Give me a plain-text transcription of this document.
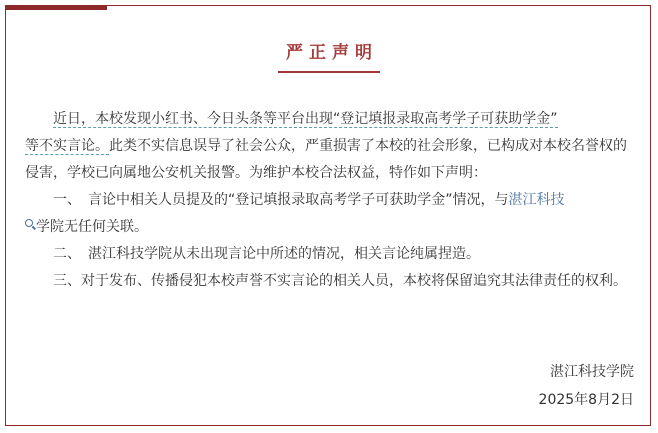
严正声明

近日，本校发现小红书、今日头条等平台出现“登记填报录取高考学子可获助学金”
等不实言论。此类不实信息误导了社会公众，严重损害了本校的社会形象，已构成对本校名誉权的侵害，学校已向属地公安机关报警。为维护本校合法权益，特作如下声明：

一、　言论中相关人员提及的“登记填报录取高考学子可获助学金”情况，与湛江科技
学院无任何关联。

二、　湛江科技学院从未出现言论中所述的情况，相关言论纯属捏造。

三、对于发布、传播侵犯本校声誉不实言论的相关人员，本校将保留追究其法律责任的权利。

湛江科技学院
2025年8月2日
